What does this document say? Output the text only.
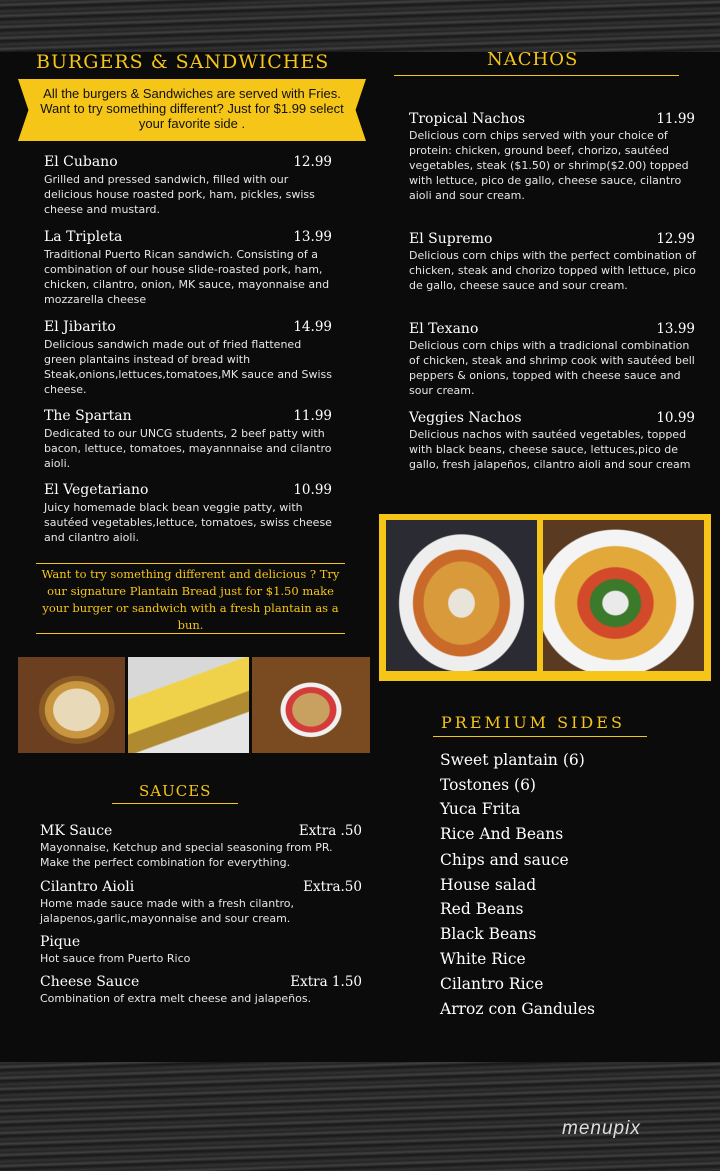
BURGERS & SANDWICHES
All the burgers & Sandwiches are served with Fries. Want to try something different? Just for $1.99 select your favorite side .
El Cubano	12.99
Grilled and pressed sandwich, filled with our delicious house roasted pork, ham, pickles, swiss cheese and mustard.
La Tripleta	13.99
Traditional Puerto Rican sandwich. Consisting of a combination of our house slide-roasted pork, ham, chicken, cilantro, onion, MK sauce, mayonnaise and mozzarella cheese
El Jibarito	14.99
Delicious sandwich made out of fried flattened green plantains instead of bread with Steak,onions,lettuces,tomatoes,MK sauce and Swiss cheese.
The Spartan	11.99
Dedicated to our UNCG students, 2 beef patty with bacon, lettuce, tomatoes, mayannnaise and cilantro aioli.
El Vegetariano	10.99
Juicy homemade black bean veggie patty, with sautéed vegetables,lettuce, tomatoes, swiss cheese and cilantro aioli.
Want to try something different and delicious ? Try our signature Plantain Bread just for $1.50 make your burger or sandwich with a fresh plantain as a bun.
SAUCES
MK Sauce	Extra .50
Mayonnaise, Ketchup and special seasoning from PR. Make the perfect combination for everything.
Cilantro Aioli	Extra.50
Home made sauce made with a fresh cilantro, jalapenos,garlic,mayonnaise and sour cream.
Pique
Hot sauce from Puerto Rico
Cheese Sauce	Extra 1.50
Combination of extra melt cheese and jalapeños.
NACHOS
Tropical Nachos	11.99
Delicious corn chips served with your choice of protein: chicken, ground beef, chorizo, sautéed vegetables, steak ($1.50) or shrimp($2.00) topped with lettuce, pico de gallo, cheese sauce, cilantro aioli and sour cream.
El Supremo	12.99
Delicious corn chips with the perfect combination of chicken, steak and chorizo topped with lettuce, pico de gallo, cheese sauce and sour cream.
El Texano	13.99
Delicious corn chips with a tradicional combination of chicken, steak and shrimp cook with sautéed bell peppers & onions, topped with cheese sauce and sour cream.
Veggies Nachos	10.99
Delicious nachos with sautéed vegetables, topped with black beans, cheese sauce, lettuces,pico de gallo, fresh jalapeños, cilantro aioli and sour cream
PREMIUM SIDES
Sweet plantain (6)
Tostones (6)
Yuca Frita
Rice And Beans
Chips and sauce
House salad
Red Beans
Black Beans
White Rice
Cilantro Rice
Arroz con Gandules
menupix
